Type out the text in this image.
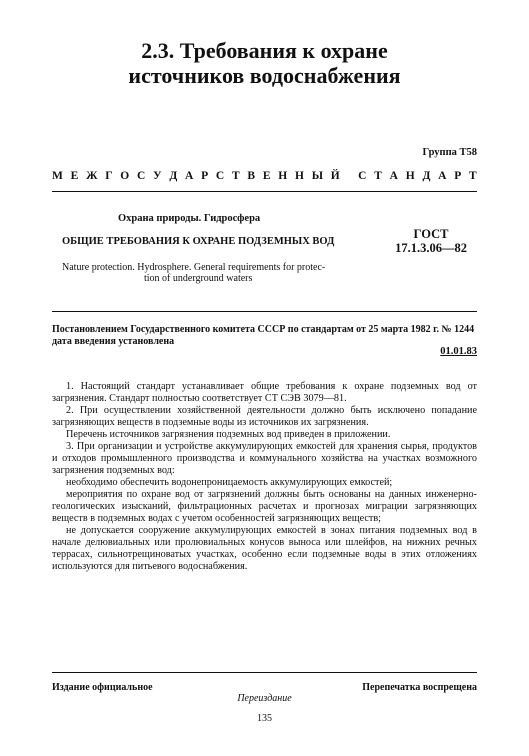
2.3. Требования к охране
источников водоснабжения
Группа Т58
М Е Ж Г О С У Д А Р С Т В Е Н Н Ы Й
С Т А Н Д А Р Т
Охрана природы. Гидросфера
ОБЩИЕ ТРЕБОВАНИЯ К ОХРАНЕ ПОДЗЕМНЫХ ВОД
ГОСТ
17.1.3.06—82
Nature protection. Hydrosphere. General requirements for protec-
tion of underground waters
Постановлением Государственного комитета СССР по стандартам от 25 марта 1982 г. № 1244 дата введения установлена
01.01.83

1. Настоящий стандарт устанавливает общие требования к охране подземных вод от загрязнения. Стандарт полностью соответствует СТ СЭВ 3079—81.

2. При осуществлении хозяйственной деятельности должно быть исключено попадание загрязняющих веществ в подземные воды из источников их загрязнения.

Перечень источников загрязнения подземных вод приведен в приложении.

3. При организации и устройстве аккумулирующих емкостей для хранения сырья, продуктов и отходов промышленного производства и коммунального хозяйства на участках возможного загрязнения подземных вод:

необходимо обеспечить водонепроницаемость аккумулирующих емкостей;

мероприятия по охране вод от загрязнений должны быть основаны на данных инженерно-геологических изысканий, фильтрационных расчетах и прогнозах миграции загрязняющих веществ в подземных водах с учетом особенностей загрязняющих веществ;

не допускается сооружение аккумулирующих емкостей в зонах питания подземных вод в начале делювиальных или пролювиальных конусов выноса или шлейфов, на нижних речных террасах, сильнотрещиноватых участках, особенно если подземные воды в этих отложениях используются для питьевого водоснабжения.

Издание официальное	Перепечатка воспрещена
Переиздание
135
